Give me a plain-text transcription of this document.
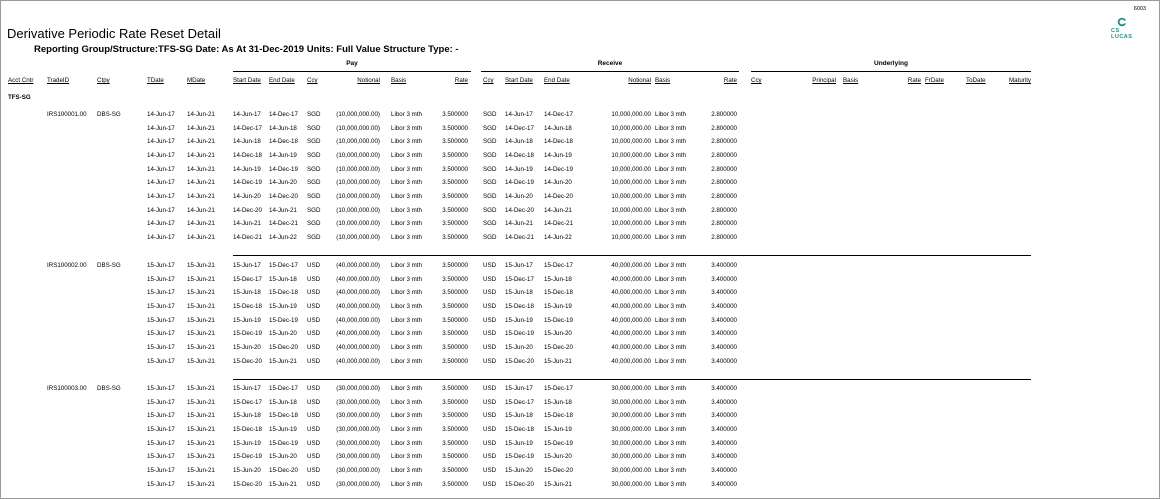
6003
CS
LUCAS
Derivative Periodic Rate Reset Detail
Reporting Group/Structure:TFS-SG Date: As At 31-Dec-2019 Units: Full Value Structure Type: -
Pay	Receive	Underlying
Acct Cntr TradeID	Ctpy	TDate	MDate	Start Date End Date Ccy	Notional Basis	Rate Ccy Start Date End Date	Notional Basis	Rate Ccy	Principal Basis	Rate FrDate	ToDate	Maturity
TFS-SG
IRS100001.00 DBS-SG	14-Jun-17 14-Jun-21	14-Jun-17 14-Dec-17 SGD	(10,000,000.00) Libor 3 mth	3.500000 SGD 14-Jun-17 14-Dec-17	10,000,000.00 Libor 3 mth	2.800000
14-Jun-17 14-Jun-21	14-Dec-17 14-Jun-18 SGD	(10,000,000.00) Libor 3 mth	3.500000 SGD 14-Dec-17 14-Jun-18	10,000,000.00 Libor 3 mth	2.800000
14-Jun-17 14-Jun-21	14-Jun-18 14-Dec-18 SGD	(10,000,000.00) Libor 3 mth	3.500000 SGD 14-Jun-18 14-Dec-18	10,000,000.00 Libor 3 mth	2.800000
14-Jun-17 14-Jun-21	14-Dec-18 14-Jun-19 SGD	(10,000,000.00) Libor 3 mth	3.500000 SGD 14-Dec-18 14-Jun-19	10,000,000.00 Libor 3 mth	2.800000
14-Jun-17 14-Jun-21	14-Jun-19 14-Dec-19 SGD	(10,000,000.00) Libor 3 mth	3.500000 SGD 14-Jun-19 14-Dec-19	10,000,000.00 Libor 3 mth	2.800000
14-Jun-17 14-Jun-21	14-Dec-19 14-Jun-20 SGD	(10,000,000.00) Libor 3 mth	3.500000 SGD 14-Dec-19 14-Jun-20	10,000,000.00 Libor 3 mth	2.800000
14-Jun-17 14-Jun-21	14-Jun-20 14-Dec-20 SGD	(10,000,000.00) Libor 3 mth	3.500000 SGD 14-Jun-20 14-Dec-20	10,000,000.00 Libor 3 mth	2.800000
14-Jun-17 14-Jun-21	14-Dec-20 14-Jun-21 SGD	(10,000,000.00) Libor 3 mth	3.500000 SGD 14-Dec-20 14-Jun-21	10,000,000.00 Libor 3 mth	2.800000
14-Jun-17 14-Jun-21	14-Jun-21 14-Dec-21 SGD	(10,000,000.00) Libor 3 mth	3.500000 SGD 14-Jun-21 14-Dec-21	10,000,000.00 Libor 3 mth	2.800000
14-Jun-17 14-Jun-21	14-Dec-21 14-Jun-22 SGD	(10,000,000.00) Libor 3 mth	3.500000 SGD 14-Dec-21 14-Jun-22	10,000,000.00 Libor 3 mth	2.800000
IRS100002.00 DBS-SG	15-Jun-17 15-Jun-21	15-Jun-17 15-Dec-17 USD	(40,000,000.00) Libor 3 mth	3.500000 USD 15-Jun-17 15-Dec-17	40,000,000.00 Libor 3 mth	3.400000
15-Jun-17 15-Jun-21	15-Dec-17 15-Jun-18 USD	(40,000,000.00) Libor 3 mth	3.500000 USD 15-Dec-17 15-Jun-18	40,000,000.00 Libor 3 mth	3.400000
15-Jun-17 15-Jun-21	15-Jun-18 15-Dec-18 USD	(40,000,000.00) Libor 3 mth	3.500000 USD 15-Jun-18 15-Dec-18	40,000,000.00 Libor 3 mth	3.400000
15-Jun-17 15-Jun-21	15-Dec-18 15-Jun-19 USD	(40,000,000.00) Libor 3 mth	3.500000 USD 15-Dec-18 15-Jun-19	40,000,000.00 Libor 3 mth	3.400000
15-Jun-17 15-Jun-21	15-Jun-19 15-Dec-19 USD	(40,000,000.00) Libor 3 mth	3.500000 USD 15-Jun-19 15-Dec-19	40,000,000.00 Libor 3 mth	3.400000
15-Jun-17 15-Jun-21	15-Dec-19 15-Jun-20 USD	(40,000,000.00) Libor 3 mth	3.500000 USD 15-Dec-19 15-Jun-20	40,000,000.00 Libor 3 mth	3.400000
15-Jun-17 15-Jun-21	15-Jun-20 15-Dec-20 USD	(40,000,000.00) Libor 3 mth	3.500000 USD 15-Jun-20 15-Dec-20	40,000,000.00 Libor 3 mth	3.400000
15-Jun-17 15-Jun-21	15-Dec-20 15-Jun-21 USD	(40,000,000.00) Libor 3 mth	3.500000 USD 15-Dec-20 15-Jun-21	40,000,000.00 Libor 3 mth	3.400000
IRS100003.00 DBS-SG	15-Jun-17 15-Jun-21	15-Jun-17 15-Dec-17 USD	(30,000,000.00) Libor 3 mth	3.500000 USD 15-Jun-17 15-Dec-17	30,000,000.00 Libor 3 mth	3.400000
15-Jun-17 15-Jun-21	15-Dec-17 15-Jun-18 USD	(30,000,000.00) Libor 3 mth	3.500000 USD 15-Dec-17 15-Jun-18	30,000,000.00 Libor 3 mth	3.400000
15-Jun-17 15-Jun-21	15-Jun-18 15-Dec-18 USD	(30,000,000.00) Libor 3 mth	3.500000 USD 15-Jun-18 15-Dec-18	30,000,000.00 Libor 3 mth	3.400000
15-Jun-17 15-Jun-21	15-Dec-18 15-Jun-19 USD	(30,000,000.00) Libor 3 mth	3.500000 USD 15-Dec-18 15-Jun-19	30,000,000.00 Libor 3 mth	3.400000
15-Jun-17 15-Jun-21	15-Jun-19 15-Dec-19 USD	(30,000,000.00) Libor 3 mth	3.500000 USD 15-Jun-19 15-Dec-19	30,000,000.00 Libor 3 mth	3.400000
15-Jun-17 15-Jun-21	15-Dec-19 15-Jun-20 USD	(30,000,000.00) Libor 3 mth	3.500000 USD 15-Dec-19 15-Jun-20	30,000,000.00 Libor 3 mth	3.400000
15-Jun-17 15-Jun-21	15-Jun-20 15-Dec-20 USD	(30,000,000.00) Libor 3 mth	3.500000 USD 15-Jun-20 15-Dec-20	30,000,000.00 Libor 3 mth	3.400000
15-Jun-17 15-Jun-21	15-Dec-20 15-Jun-21 USD	(30,000,000.00) Libor 3 mth	3.500000 USD 15-Dec-20 15-Jun-21	30,000,000.00 Libor 3 mth	3.400000
